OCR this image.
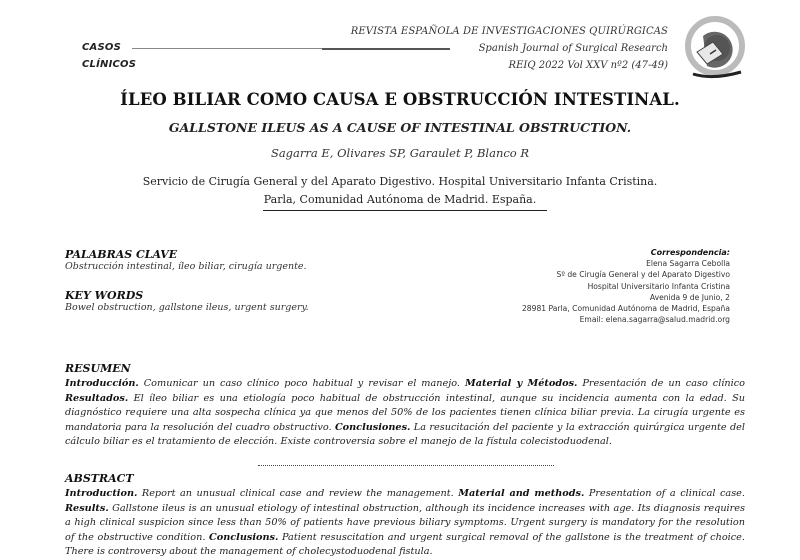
CASOS
CLÍNICOS
REVISTA ESPAÑOLA DE INVESTIGACIONES QUIRÚRGICAS
Spanish Journal of Surgical Research
REIQ 2022 Vol XXV nº2 (47-49)
ÍLEO BILIAR COMO CAUSA E OBSTRUCCIÓN INTESTINAL.
GALLSTONE ILEUS AS A CAUSE OF INTESTINAL OBSTRUCTION.
Sagarra E, Olivares SP, Garaulet P, Blanco R
Servicio de Cirugía General y del Aparato Digestivo. Hospital Universitario Infanta Cristina.
Parla, Comunidad Autónoma de Madrid. España.
PALABRAS CLAVE
Obstrucción intestinal, íleo biliar, cirugía urgente.
KEY WORDS
Bowel obstruction, gallstone ileus, urgent surgery.
Correspondencia:
Elena Sagarra Cebolla
Sº de Cirugía General y del Aparato Digestivo
Hospital Universitario Infanta Cristina
Avenida 9 de Junio, 2
28981 Parla, Comunidad Autónoma de Madrid, España
Email: elena.sagarra@salud.madrid.org
RESUMEN
Introducción. Comunicar un caso clínico poco habitual y revisar el manejo. Material y Métodos. Presentación de un caso clínico Resultados. El íleo biliar es una etiología poco habitual de obstrucción intestinal, aunque su incidencia aumenta con la edad. Su diagnóstico requiere una alta sospecha clínica ya que menos del 50% de los pacientes tienen clínica biliar previa. La cirugía urgente es mandatoria para la resolución del cuadro obstructivo. Conclusiones. La resucitación del paciente y la extracción quirúrgica urgente del cálculo biliar es el tratamiento de elección. Existe controversia sobre el manejo de la fístula colecistoduodenal.
ABSTRACT
Introduction. Report an unusual clinical case and review the management. Material and methods. Presentation of a clinical case. Results. Gallstone ileus is an unusual etiology of intestinal obstruction, although its incidence increases with age. Its diagnosis requires a high clinical suspicion since less than 50% of patients have previous biliary symptoms. Urgent surgery is mandatory for the resolution of the obstructive condition. Conclusions. Patient resuscitation and urgent surgical removal of the gallstone is the treatment of choice. There is controversy about the management of cholecystoduodenal fistula.
